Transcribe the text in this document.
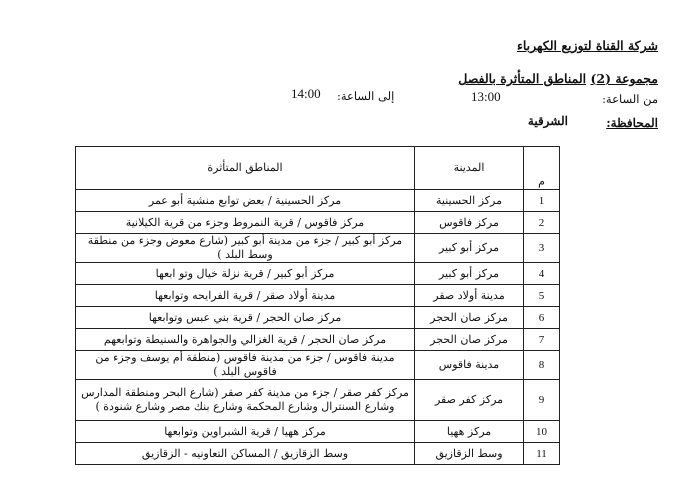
شركة القناة لتوزيع الكهرباء
مجموعة (2) المناطق المتأثرة بالفصل
من الساعة:
13:00
إلى الساعة:
14:00
المحافظة:
الشرقية
م	المدينة	المناطق المتأثرة
1	مركز الحسينية	مركز الحسينية / بعض توابع منشية أبو عمر
2	مركز فاقوس	مركز فاقوس / قرية النمروط وجزء من قرية الكيلانية
3	مركز أبو كبير	مركز أبو كبير / جزء من مدينة أبو كبير (شارع معوض وجزء من منطقة وسط البلد )
4	مركز أبو كبير	مركز أبو كبير / قرية نزلة خيال وتو ابعها
5	مدينة أولاد صقر	مدينة أولاد صقر / قرية الفرايحه وتوابعها
6	مركز صان الحجر	مركز صان الحجر / قرية بني عبس وتوابعها
7	مركز صان الحجر	مركز صان الحجر / قرية الغزالي والجواهرة والسنيطة وتوابعهم
8	مدينة فاقوس	مدينة فاقوس / جزء من مدينة فاقوس (منطقة أم يوسف وجزء من فاقوس البلد )
9	مركز كفر صقر	مركز كفر صقر / جزء من مدينة كفر صقر (شارع البحر ومنطقة المدارس وشارع السنترال وشارع المحكمة وشارع بنك مصر وشارع شنودة )
10	مركز ههيا	مركز ههيا / قرية الشبراوين وتوابعها
11	وسط الزقازيق	وسط الزقازيق / المساكن التعاونيه - الزقازيق
